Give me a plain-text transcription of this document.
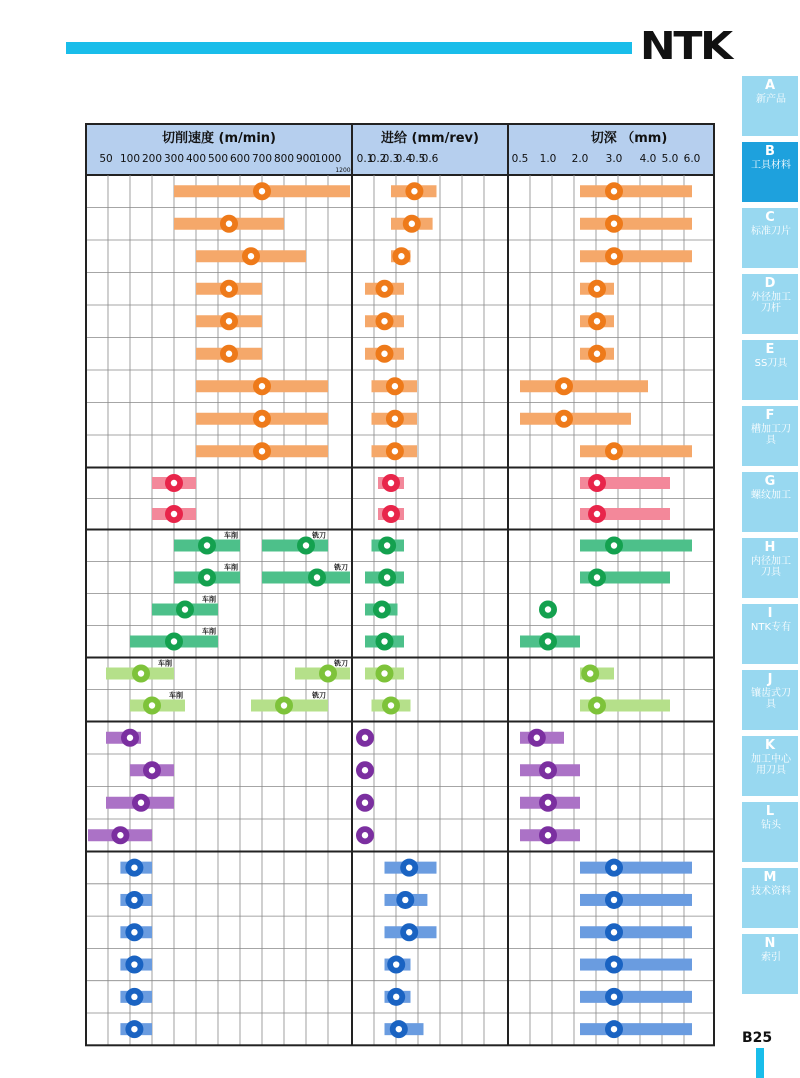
NTK
切削速度 (m/min)
50 100 200 300 400 500 600 700 800 900
1000
1200
进给 (mm/rev)
0.1
0.2
0.3
0.4
0.5
0.6
切深 （mm)
0.5 1.0 2.0 3.0 4.0 5.0 6.0
车削	铣刀
车削	铣刀
车削
车削
车削	铣刀
车削	铣刀
A
新产品
B
工具材料
C
标准刀片
D
外径加工刀杆
E
SS刀具
F
槽加工刀具
G
螺纹加工
H
内径加工刀具
I
NTK专有
J
镶齿式刀具
K
加工中心用刀具
L
钻头
M
技术资料
N
索引
B25
